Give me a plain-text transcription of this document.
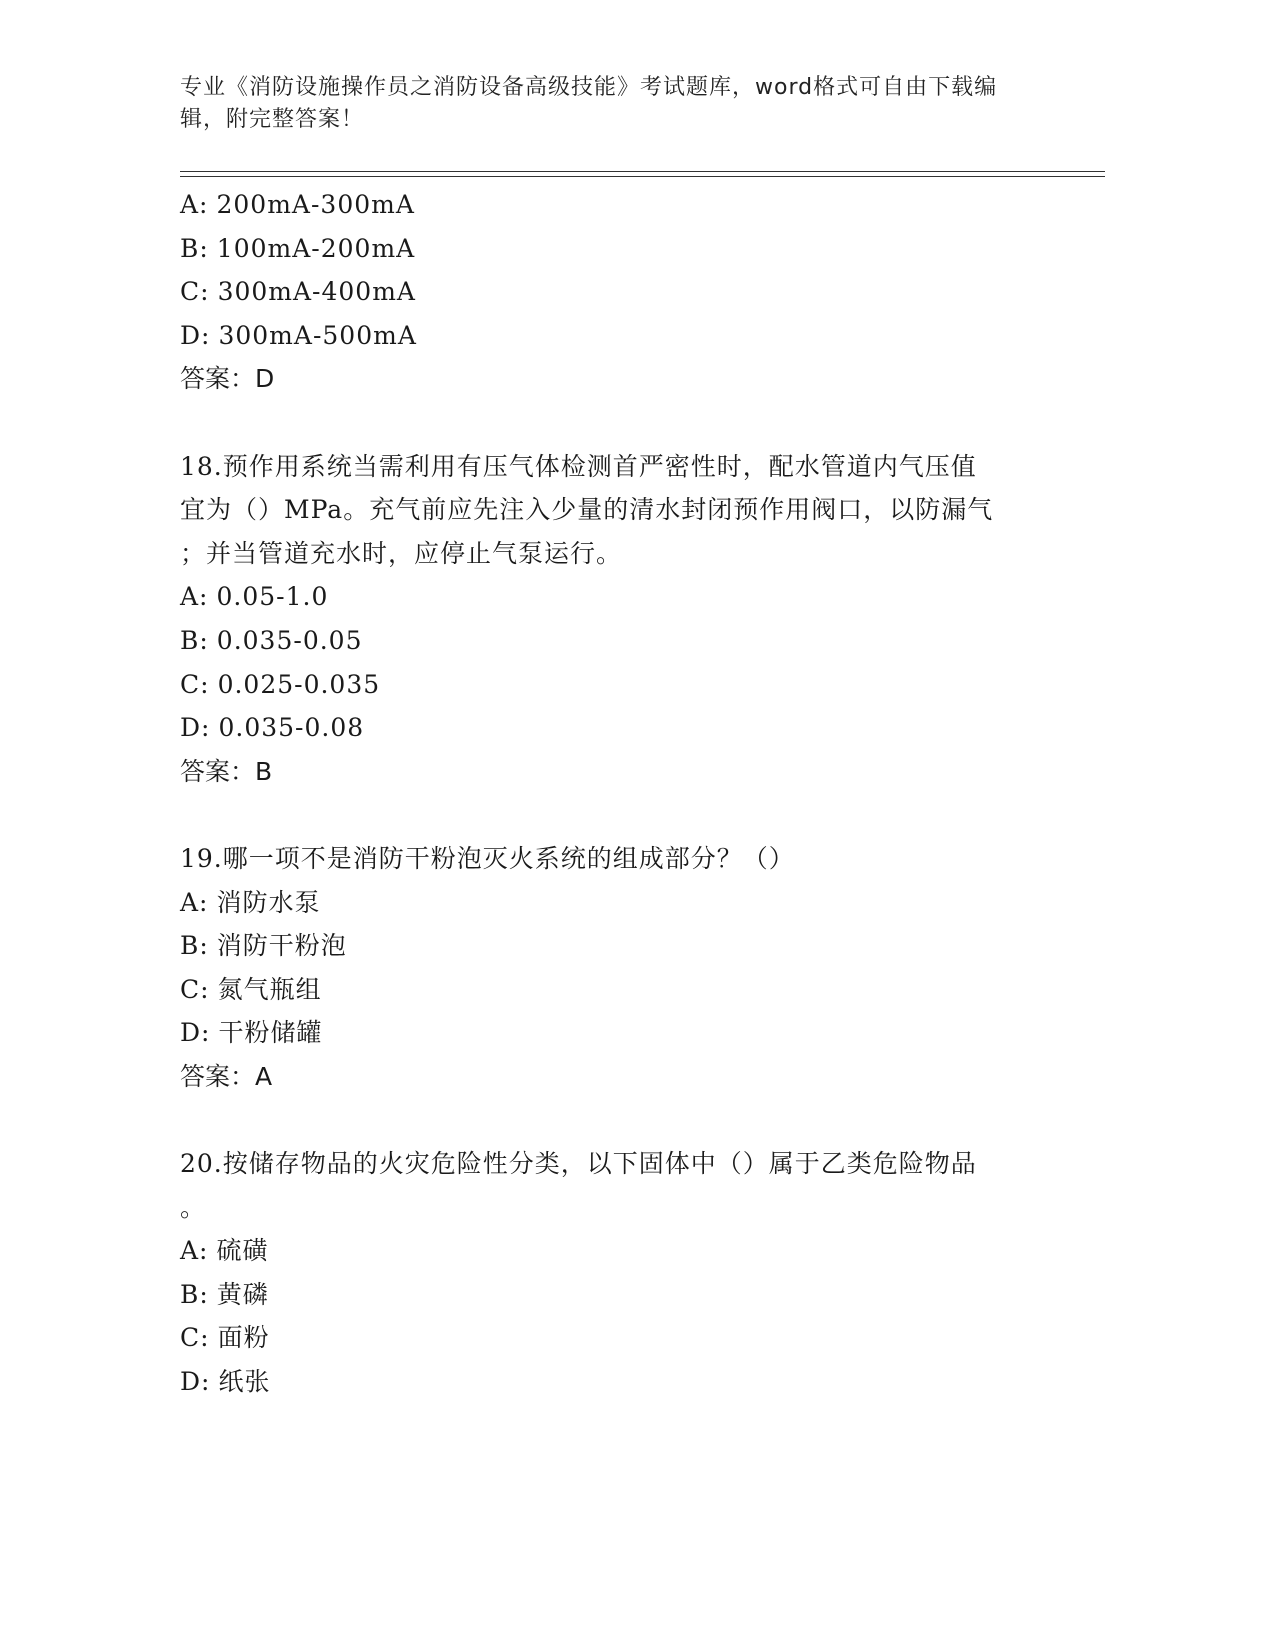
专业《消防设施操作员之消防设备高级技能》考试题库，word格式可自由下载编
辑，附完整答案！
A: 200mA-300mA
B: 100mA-200mA
C: 300mA-400mA
D: 300mA-500mA
答案：D
18.预作用系统当需利用有压气体检测首严密性时，配水管道内气压值
宜为（）MPa。充气前应先注入少量的清水封闭预作用阀口，以防漏气
；并当管道充水时，应停止气泵运行。
A: 0.05-1.0
B: 0.035-0.05
C: 0.025-0.035
D: 0.035-0.08
答案：B
19.哪一项不是消防干粉泡灭火系统的组成部分？（）
A: 消防水泵
B: 消防干粉泡
C: 氮气瓶组
D: 干粉储罐
答案：A
20.按储存物品的火灾危险性分类，以下固体中（）属于乙类危险物品
。
A: 硫磺
B: 黄磷
C: 面粉
D: 纸张
